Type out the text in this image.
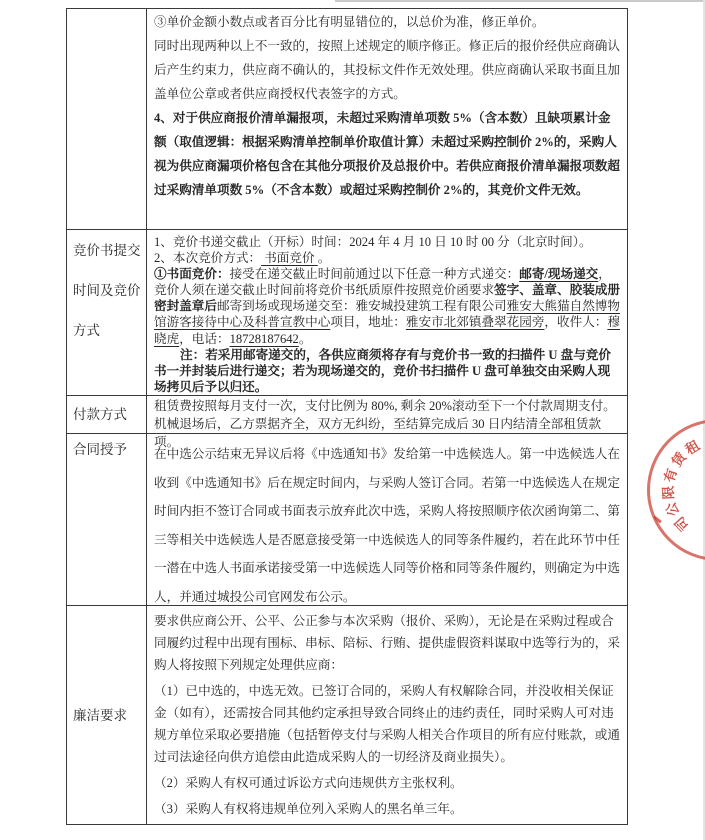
③单价金额小数点或者百分比有明显错位的，以总价为准，修正单价。

同时出现两种以上不一致的，按照上述规定的顺序修正。修正后的报价经供应商确认后产生约束力，供应商不确认的，其投标文件作无效处理。供应商确认采取书面且加盖单位公章或者供应商授权代表签字的方式。

4、对于供应商报价清单漏报项，未超过采购清单项数 5%（含本数）且缺项累计金额（取值逻辑：根据采购清单控制单价取值计算）未超过采购控制价 2%的，采购人视为供应商漏项价格包含在其他分项报价及总报价中。若供应商报价清单漏报项数超过采购清单项数 5%（不含本数）或超过采购控制价 2%的，其竞价文件无效。

竞价书提交时间及竞价方式

1、竞价书递交截止（开标）时间：2024 年 4 月 10 日 10 时 00 分（北京时间）。

2、本次竞价方式： 书面竞价 。

①书面竞价：接受在递交截止时间前通过以下任意一种方式递交：邮寄/现场递交，竞价人须在递交截止时间前将竞价书纸质原件按照竞价函要求签字、盖章、胶装成册密封盖章后邮寄到场或现场递交至：雅安城投建筑工程有限公司雅安大熊猫自然博物馆游客接待中心及科普宣教中心项目，地址：雅安市北郊镇叠翠花园旁，收件人：穆晓虎，电话：18728187642。

注：若采用邮寄递交的，各供应商须将存有与竞价书一致的扫描件 U 盘与竞价书一并封装后进行递交；若为现场递交的，竞价书扫描件 U 盘可单独交由采购人现场拷贝后予以归还。

付款方式

租赁费按照每月支付一次，支付比例为 80%, 剩余 20%滚动至下一个付款周期支付。机械退场后，乙方票据齐全，双方无纠纷，至结算完成后 30 日内结清全部租赁款项。

合同授予	在中选公示结束无异议后将《中选通知书》发给第一中选候选人。第一中选候选人在收到《中选通知书》后在规定时间内，与采购人签订合同。若第一中选候选人在规定时间内拒不签订合同或书面表示放弃此次中选，采购人将按照顺序依次函询第二、第三等相关中选候选人是否愿意接受第一中选候选人的同等条件履约，若在此环节中任一潜在中选人书面承诺接受第一中选候选人同等价格和同等条件履约，则确定为中选人，并通过城投公司官网发布公示。

廉洁要求

要求供应商公开、公平、公正参与本次采购（报价、采购），无论是在采购过程或合同履约过程中出现有围标、串标、陪标、行贿、提供虚假资料谋取中选等行为的，采购人将按照下列规定处理供应商：

（1）已中选的，中选无效。已签订合同的，采购人有权解除合同，并没收相关保证金（如有），还需按合同其他约定承担导致合同终止的违约责任，同时采购人可对违规方单位采取必要措施（包括暂停支付与采购人相关合作项目的所有应付账款，或通过司法途径向供方追偿由此造成采购人的一切经济及商业损失）。

（2）采购人有权可通过诉讼方式向违规供方主张权利。

（3）采购人有权将违规单位列入采购人的黑名单三年。

租
赁
有
限
公
司
